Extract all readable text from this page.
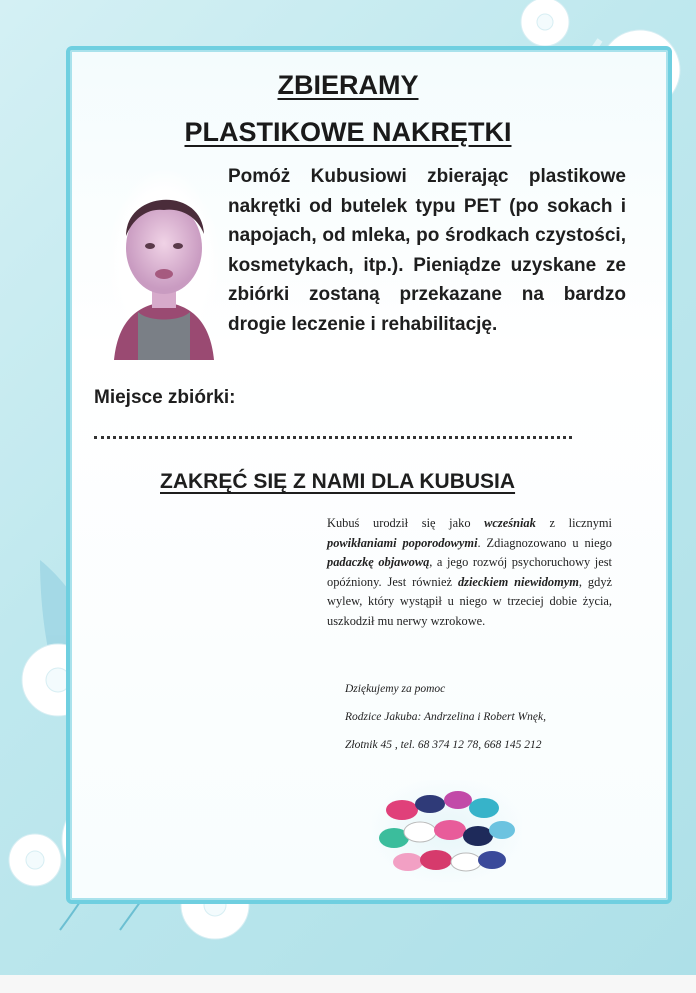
ZBIERAMY
PLASTIKOWE NAKRĘTKI
Pomóż Kubusiowi zbierając plastikowe nakrętki od butelek typu PET (po sokach i napojach, od mleka, po środkach czystości, kosmetykach, itp.). Pieniądze uzyskane ze zbiórki zostaną przekazane na bardzo drogie leczenie i rehabilitację.
Miejsce zbiórki:
ZAKRĘĆ SIĘ Z NAMI DLA KUBUSIA
Kubuś urodził się jako wcześniak z licznymi powikłaniami poporodowymi. Zdiagnozowano u niego padaczkę objawową, a jego rozwój psychoruchowy jest opóźniony. Jest również dzieckiem niewidomym, gdyż wylew, który wystąpił u niego w trzeciej dobie życia, uszkodził mu nerwy wzrokowe.
Dziękujemy za pomoc
Rodzice Jakuba: Andrzelina i Robert Wnęk,
Złotnik 45 , tel. 68 374 12 78, 668 145 212
